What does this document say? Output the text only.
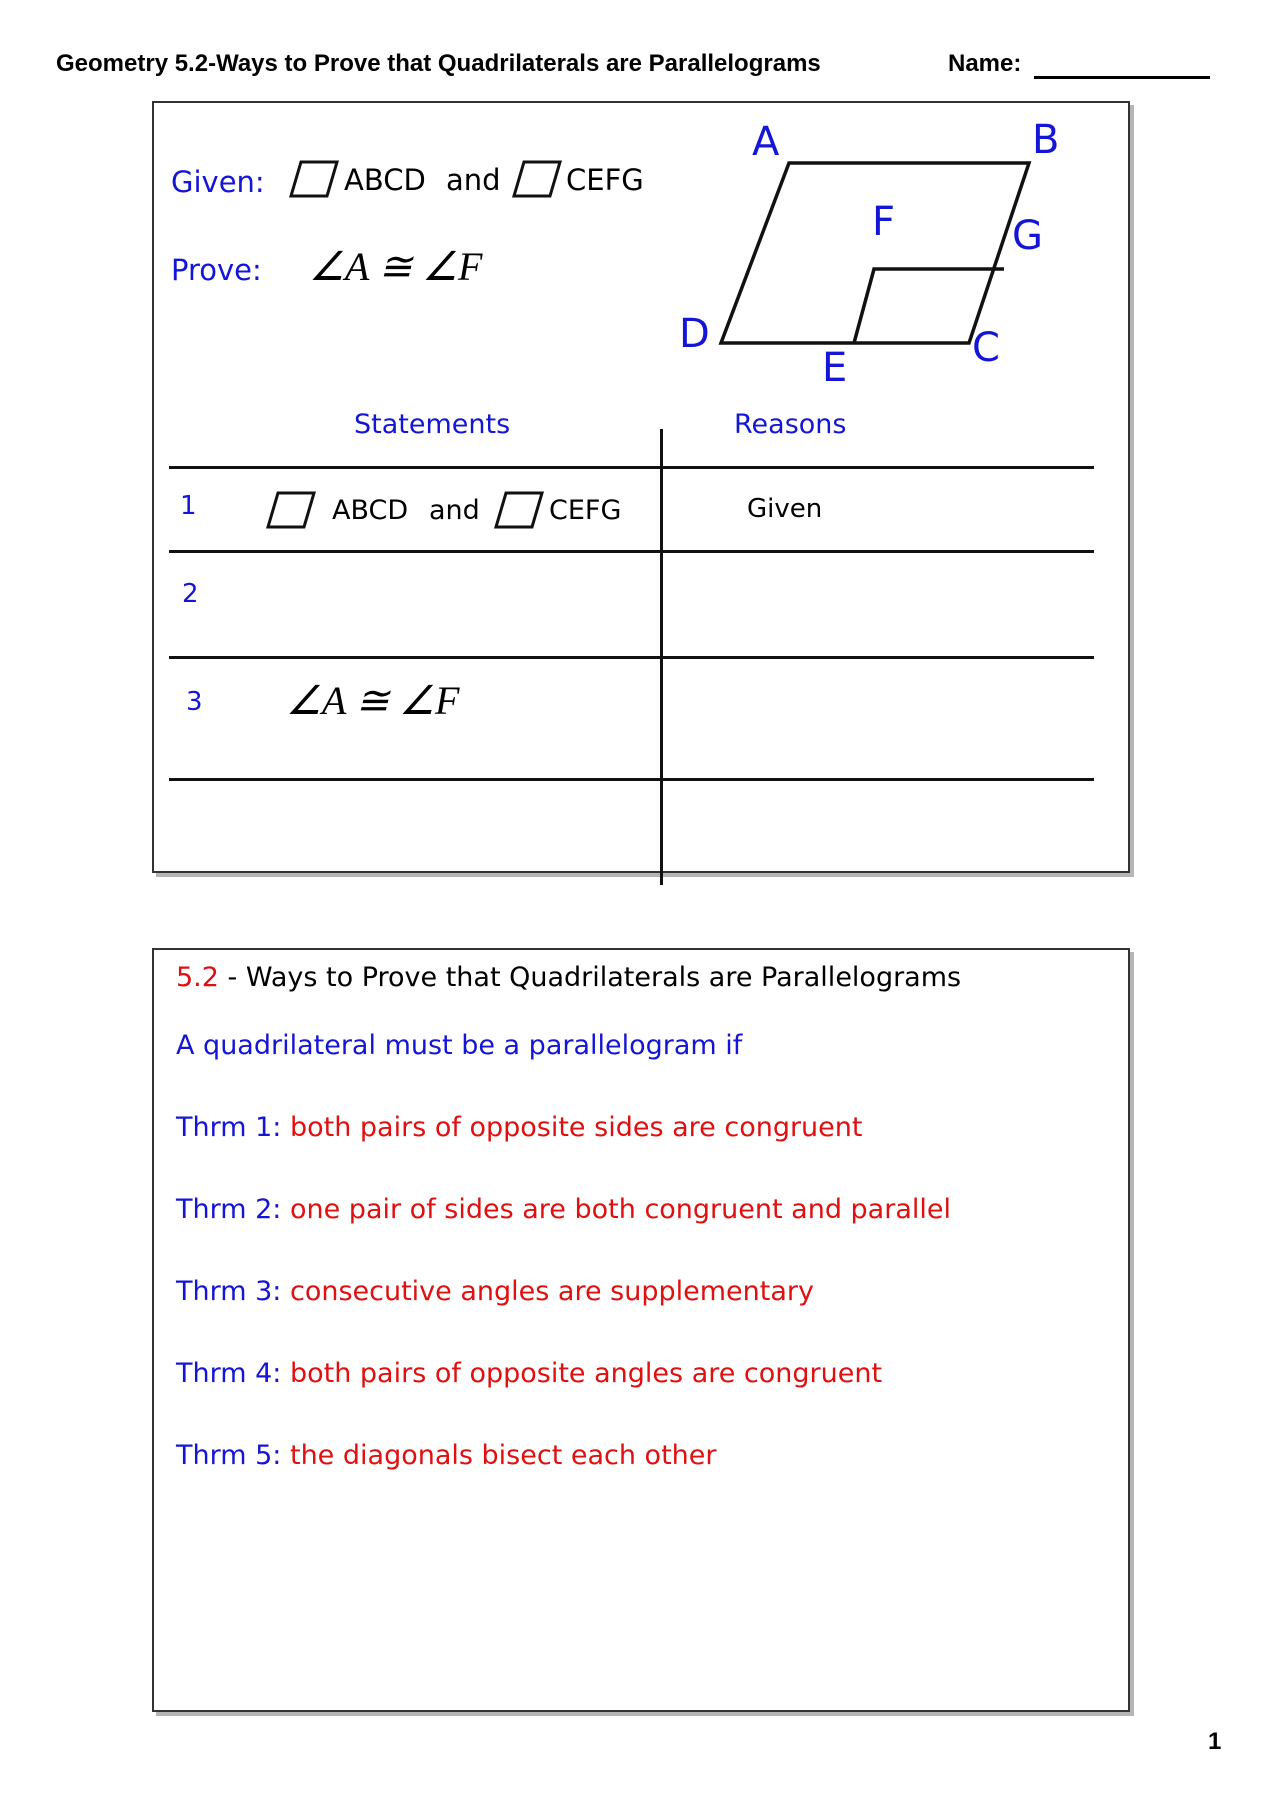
Geometry 5.2-Ways to Prove that Quadrilaterals are Parallelograms	Name:
Given:	ABCD and CEFG
Prove: ∠A ≅ ∠F
A	B
F	G
D
E	C
Statements	Reasons
1	ABCD and	CEFG	Given
2
3 ∠A ≅ ∠F
5.2 - Ways to Prove that Quadrilaterals are Parallelograms
A quadrilateral must be a parallelogram if
Thrm 1: both pairs of opposite sides are congruent
Thrm 2: one pair of sides are both congruent and parallel
Thrm 3: consecutive angles are supplementary
Thrm 4: both pairs of opposite angles are congruent
Thrm 5: the diagonals bisect each other
1
